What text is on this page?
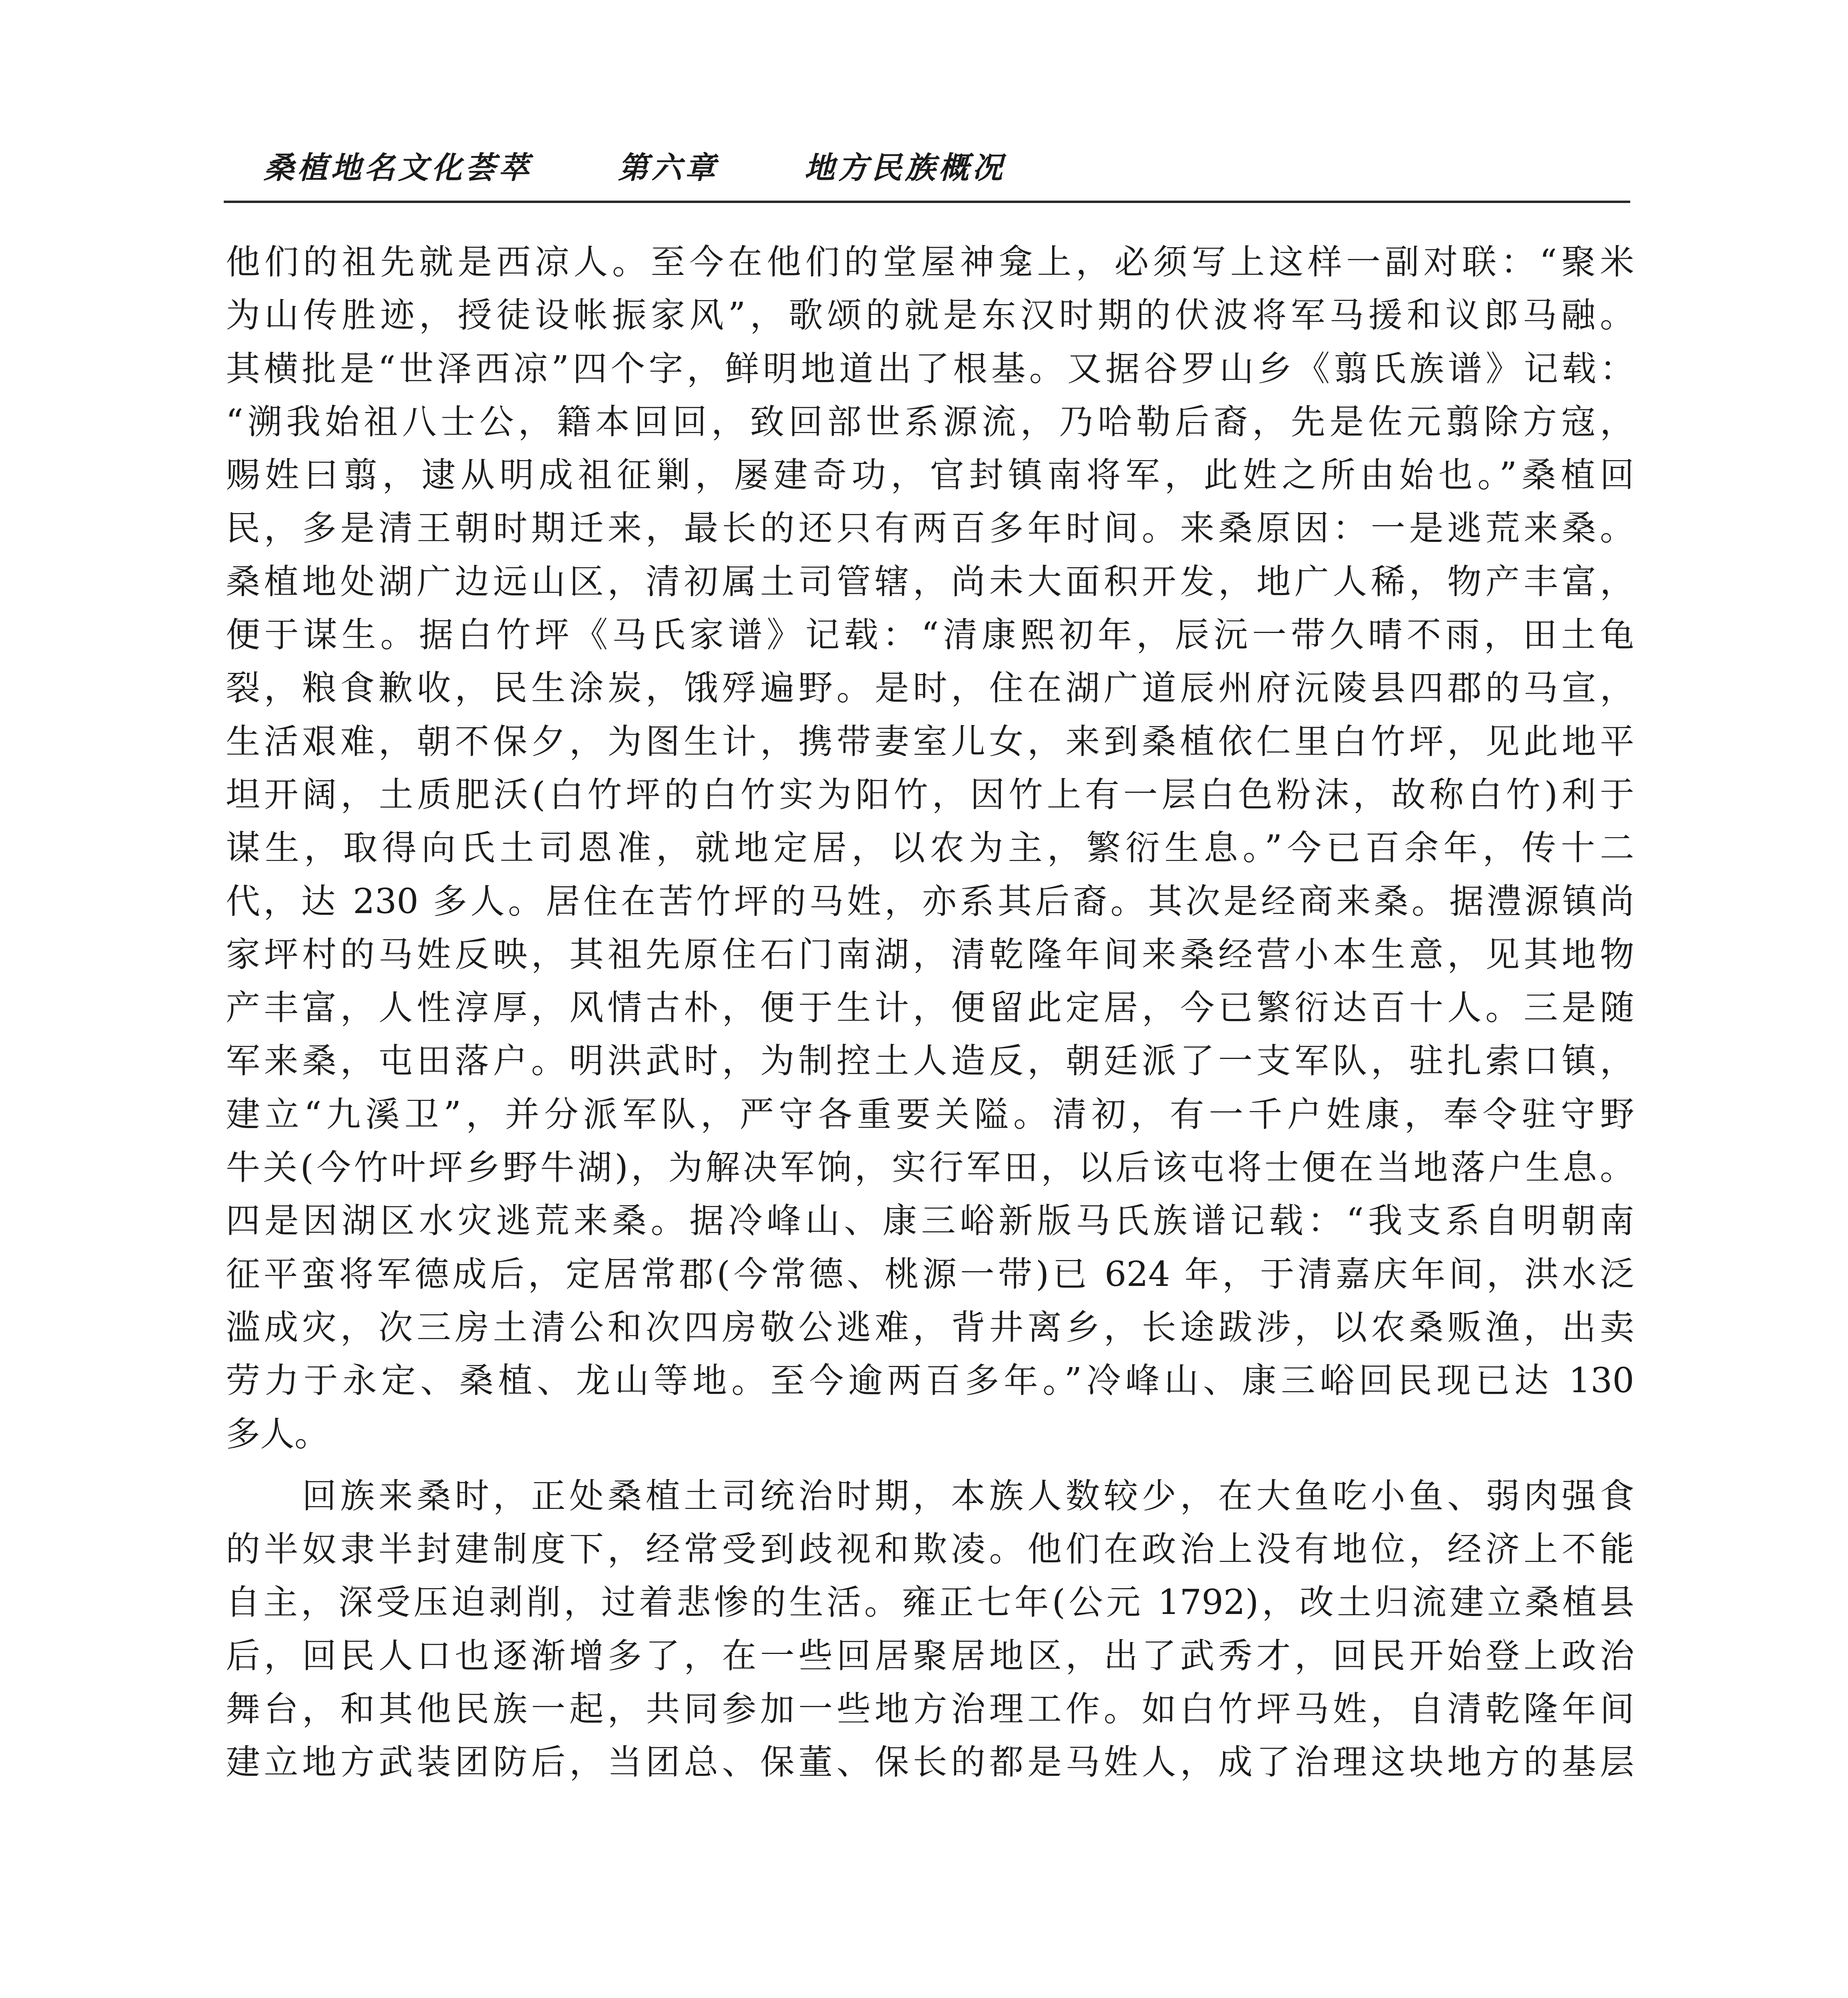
桑植地名文化荟萃	第六章	地方民族概况
他们的祖先就是西凉人。至今在他们的堂屋神龛上，必须写上这样一副对联：“聚米
为山传胜迹，授徒设帐振家风”，歌颂的就是东汉时期的伏波将军马援和议郎马融。
其横批是“世泽西凉”四个字，鲜明地道出了根基。又据谷罗山乡《翦氏族谱》记载：
“溯我始祖八士公，籍本回回，致回部世系源流，乃哈勒后裔，先是佐元翦除方寇，
赐姓曰翦，逮从明成祖征剿，屡建奇功，官封镇南将军，此姓之所由始也。”桑植回
民，多是清王朝时期迁来，最长的还只有两百多年时间。来桑原因：一是逃荒来桑。
桑植地处湖广边远山区，清初属土司管辖，尚未大面积开发，地广人稀，物产丰富，
便于谋生。据白竹坪《马氏家谱》记载：“清康熙初年，辰沅一带久晴不雨，田土龟
裂，粮食歉收，民生涂炭，饿殍遍野。是时，住在湖广道辰州府沅陵县四郡的马宣，
生活艰难，朝不保夕，为图生计，携带妻室儿女，来到桑植依仁里白竹坪，见此地平
坦开阔，土质肥沃(白竹坪的白竹实为阳竹，因竹上有一层白色粉沫，故称白竹)利于
谋生，取得向氏土司恩准，就地定居，以农为主，繁衍生息。”今已百余年，传十二
代，达 230 多人。居住在苦竹坪的马姓，亦系其后裔。其次是经商来桑。据澧源镇尚
家坪村的马姓反映，其祖先原住石门南湖，清乾隆年间来桑经营小本生意，见其地物
产丰富，人性淳厚，风情古朴，便于生计，便留此定居，今已繁衍达百十人。三是随
军来桑，屯田落户。明洪武时，为制控土人造反，朝廷派了一支军队，驻扎索口镇，
建立“九溪卫”，并分派军队，严守各重要关隘。清初，有一千户姓康，奉令驻守野
牛关(今竹叶坪乡野牛湖)，为解决军饷，实行军田，以后该屯将士便在当地落户生息。
四是因湖区水灾逃荒来桑。据冷峰山、康三峪新版马氏族谱记载：“我支系自明朝南
征平蛮将军德成后，定居常郡(今常德、桃源一带)已 624 年，于清嘉庆年间，洪水泛
滥成灾，次三房土清公和次四房敬公逃难，背井离乡，长途跋涉，以农桑贩渔，出卖
劳力于永定、桑植、龙山等地。至今逾两百多年。”冷峰山、康三峪回民现已达 130
多人。
　　回族来桑时，正处桑植土司统治时期，本族人数较少，在大鱼吃小鱼、弱肉强食
的半奴隶半封建制度下，经常受到歧视和欺凌。他们在政治上没有地位，经济上不能
自主，深受压迫剥削，过着悲惨的生活。雍正七年(公元 1792)，改土归流建立桑植县
后，回民人口也逐渐增多了，在一些回居聚居地区，出了武秀才，回民开始登上政治
舞台，和其他民族一起，共同参加一些地方治理工作。如白竹坪马姓，自清乾隆年间
建立地方武装团防后，当团总、保董、保长的都是马姓人，成了治理这块地方的基层
